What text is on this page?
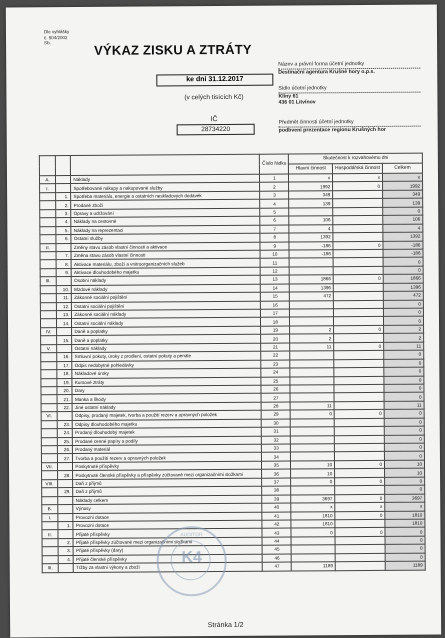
Dle vyhlášky
č. 504/2002
Sb.	VÝKAZ ZISKU A ZTRÁTY
ke dni 31.12.2017
(v celých tisících Kč)
IČ
28734220
Název a právní forma účetní jednotky
Destinační agentura Krušné hory o.p.s.
Sídlo účetní jednotky
Klíny 61
436 01 Litvínov
Předmět činnosti účetní jednotky
podbvení prezentace regionu Krušných hor
			Číslo řádku	Skutečnost k rozvahovému dni		
				Hlavní činnost	Hospodářská činnost	Celkem
A.		Náklady	1	x	x	x
I.		Spotřebované nákupy a nakupované služby	2	1992	0	1992
	1.	Spotřeba materiálu, energie a ostatních neskladových dodávek	3	349		349
	2.	Prodané zboží	4	139		139
	3.	Opravy a udržování	5			0
	4.	Náklady na cestovné	6	106		106
	5.	Náklady na reprezentaci	7	4		4
	6.	Ostatní služby	8	1392		1392
II.		Změny stavu zásob vlastní činnosti a aktivace	9	-186	0	-186
	7.	Změna stavu zásob vlastní činnosti	10	-186		-186
	8.	Aktivace materiálu, zboží a vnitroorganizačních služeb	11			0
	9.	Aktivace dlouhodobého majetku	12			0
III.		Osobní náklady	13	1866	0	1866
	10.	Mzdové náklady	14	1396		1396
	11.	Zákonné sociální pojištění	15	472		472
	12.	Ostatní sociální pojištění	16			0
	13.	Zákonné sociální náklady	17			0
	14.	Ostatní sociální náklady	18			0
IV.		Daně a poplatky	19	2	0	2
	15.	Daně a poplatky	20	2		2
V.		Ostatní náklady	21	11	0	11
	16.	Smluvní pokuty, úroky z prodlení, ostatní pokuty a penále	22			0
	17.	Odpis nedobytné pohledávky	23			0
	18.	Nákladové úroky	24			0
	19.	Kursové ztráty	25			0
	20.	Dary	26			0
	21.	Manka a škody	27			0
	22.	Jiné ostatní náklady	28	11		11
VI.		Odpisy, prodaný majetek, tvorba a použití rezerv a opravných položek	29	0	0	0
	23.	Odpisy dlouhodobého majetku	30			0
	24.	Prodaný dlouhodobý majetek	31			0
	25.	Prodané cenné papíry a podíly	32			0
	26.	Prodaný materiál	33			0
	27.	Tvorba a použití rezerv a opravných položek	34			0
VII.		Poskytnuté příspěvky	35	10	0	10
	28.	Poskytnuté členské příspěvky a příspěvky zúčtované mezi organizačními složkami	36	10		10
VIII.		Daň z příjmů	37	0	0	0
	29.	Daň z příjmů	38			0
		Náklady celkem	39	3697	0	3697
B.		Výnosy	40	x	x	x
I.		Provozní dotace	41	1810	0	1810
	1.	Provozní dotace	42	1810		1810
II.		Přijaté příspěvky	43	0	0	0
	2.	Přijaté příspěvky zúčtované mezi organizačními složkami	44			0
	3.	Přijaté příspěvky (dary)	45			0
	4.	Přijaté členské příspěvky	46			0
III.		Tržby za vlastní výkony a zboží	47	1189		1189
AUDITOR
K4
Stránka 1/2
